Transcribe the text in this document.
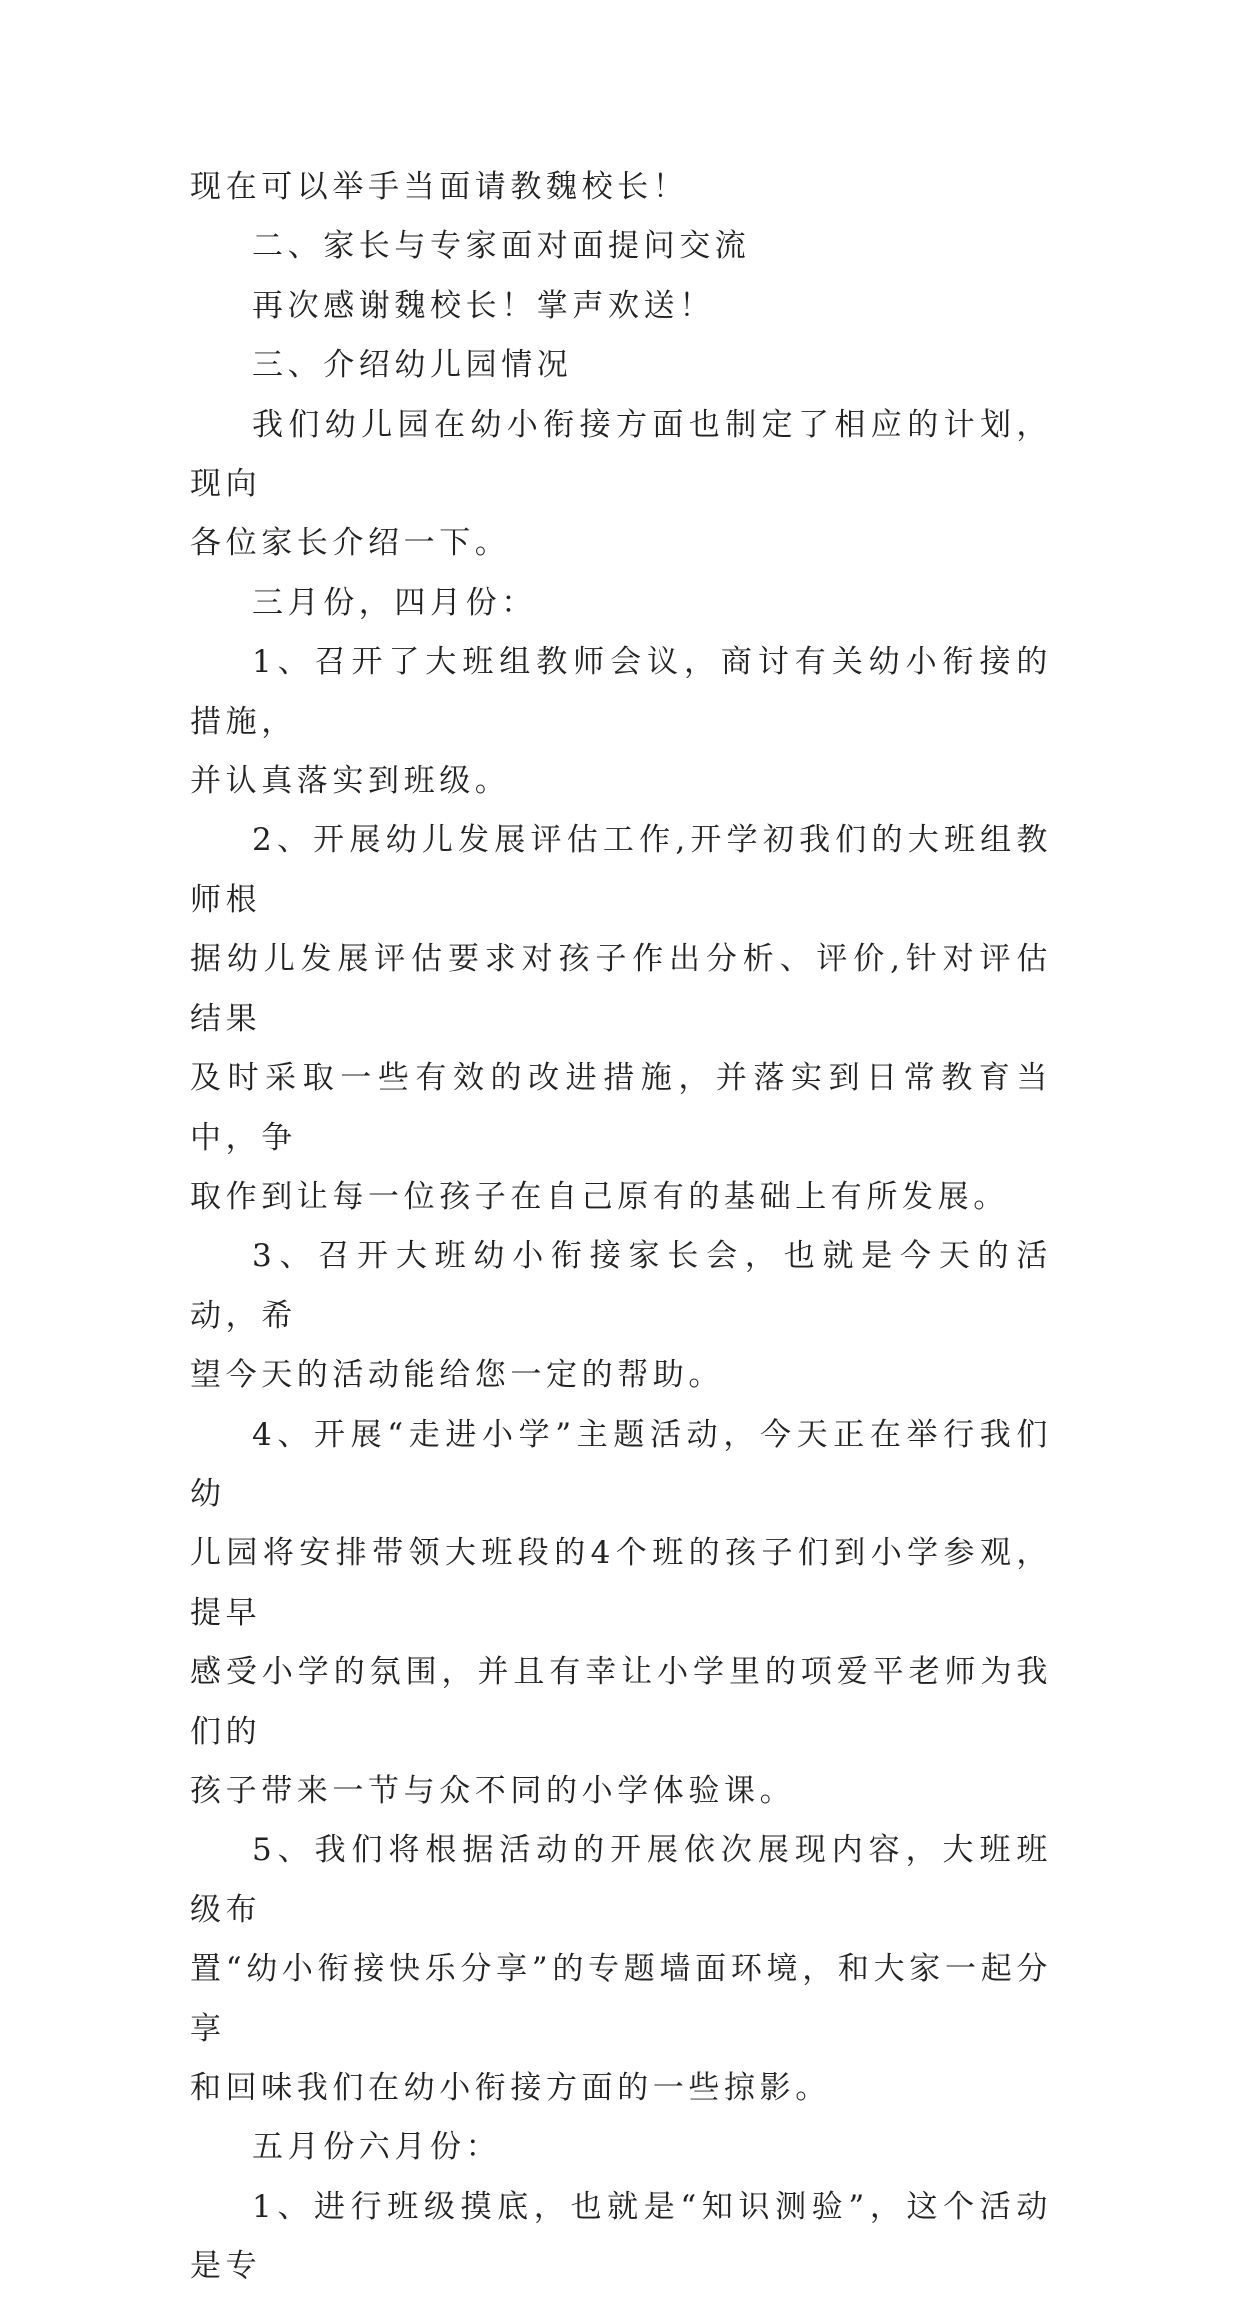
现在可以举手当面请教魏校长！

二、家长与专家面对面提问交流

再次感谢魏校长！掌声欢送！

三、介绍幼儿园情况

我们幼儿园在幼小衔接方面也制定了相应的计划，现向
各位家长介绍一下。

三月份，四月份：

1、召开了大班组教师会议，商讨有关幼小衔接的措施，
并认真落实到班级。

2、开展幼儿发展评估工作,开学初我们的大班组教师根
据幼儿发展评估要求对孩子作出分析、评价,针对评估结果
及时采取一些有效的改进措施，并落实到日常教育当中，争
取作到让每一位孩子在自己原有的基础上有所发展。

3、召开大班幼小衔接家长会，也就是今天的活动，希
望今天的活动能给您一定的帮助。

4、开展“走进小学”主题活动，今天正在举行我们幼
儿园将安排带领大班段的4个班的孩子们到小学参观，提早
感受小学的氛围，并且有幸让小学里的项爱平老师为我们的
孩子带来一节与众不同的小学体验课。

5、我们将根据活动的开展依次展现内容，大班班级布
置“幼小衔接快乐分享”的专题墙面环境，和大家一起分享
和回味我们在幼小衔接方面的一些掠影。

五月份六月份：

1、进行班级摸底，也就是“知识测验”，这个活动是专
